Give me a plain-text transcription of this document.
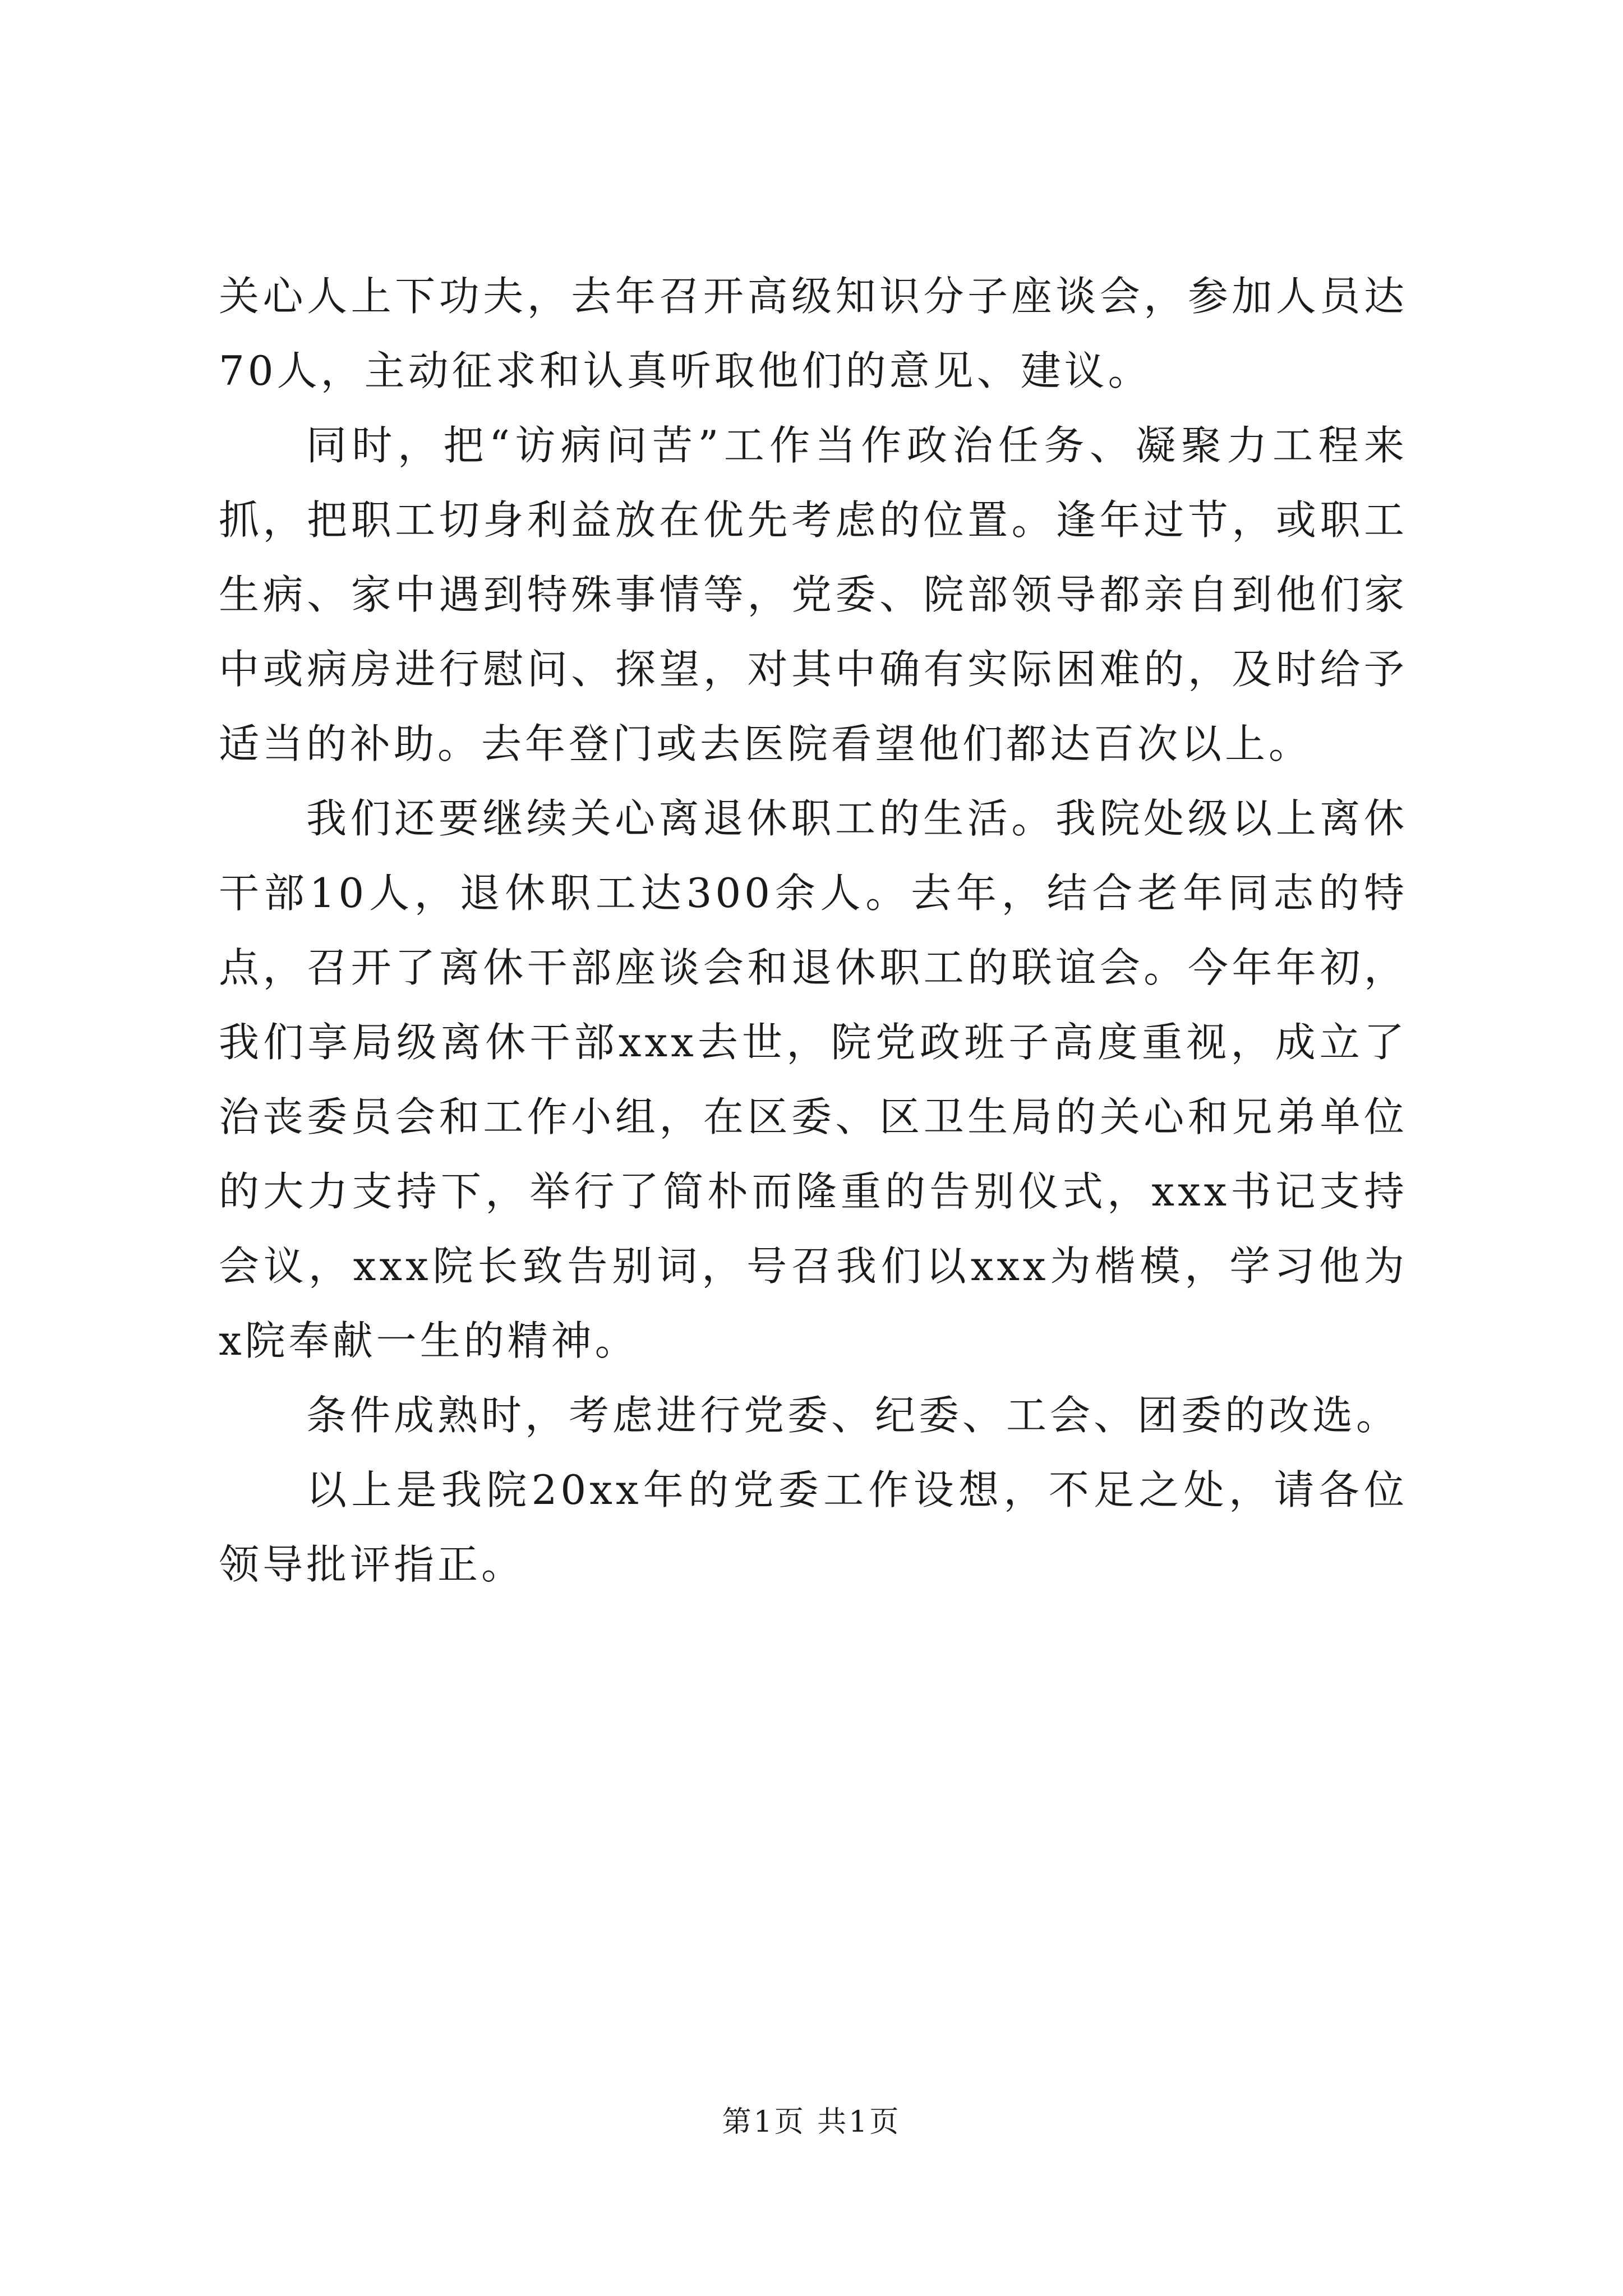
关心人上下功夫，去年召开高级知识分子座谈会，参加人员达70人，主动征求和认真听取他们的意见、建议。

同时，把“访病问苦”工作当作政治任务、凝聚力工程来抓，把职工切身利益放在优先考虑的位置。逢年过节，或职工生病、家中遇到特殊事情等，党委、院部领导都亲自到他们家中或病房进行慰问、探望，对其中确有实际困难的，及时给予适当的补助。去年登门或去医院看望他们都达百次以上。

我们还要继续关心离退休职工的生活。我院处级以上离休干部10人，退休职工达300余人。去年，结合老年同志的特点，召开了离休干部座谈会和退休职工的联谊会。今年年初，我们享局级离休干部xxx去世，院党政班子高度重视，成立了治丧委员会和工作小组，在区委、区卫生局的关心和兄弟单位的大力支持下，举行了简朴而隆重的告别仪式，xxx书记支持会议，xxx院长致告别词，号召我们以xxx为楷模，学习他为x院奉献一生的精神。

条件成熟时，考虑进行党委、纪委、工会、团委的改选。

以上是我院20xx年的党委工作设想，不足之处，请各位领导批评指正。

第1页 共1页
